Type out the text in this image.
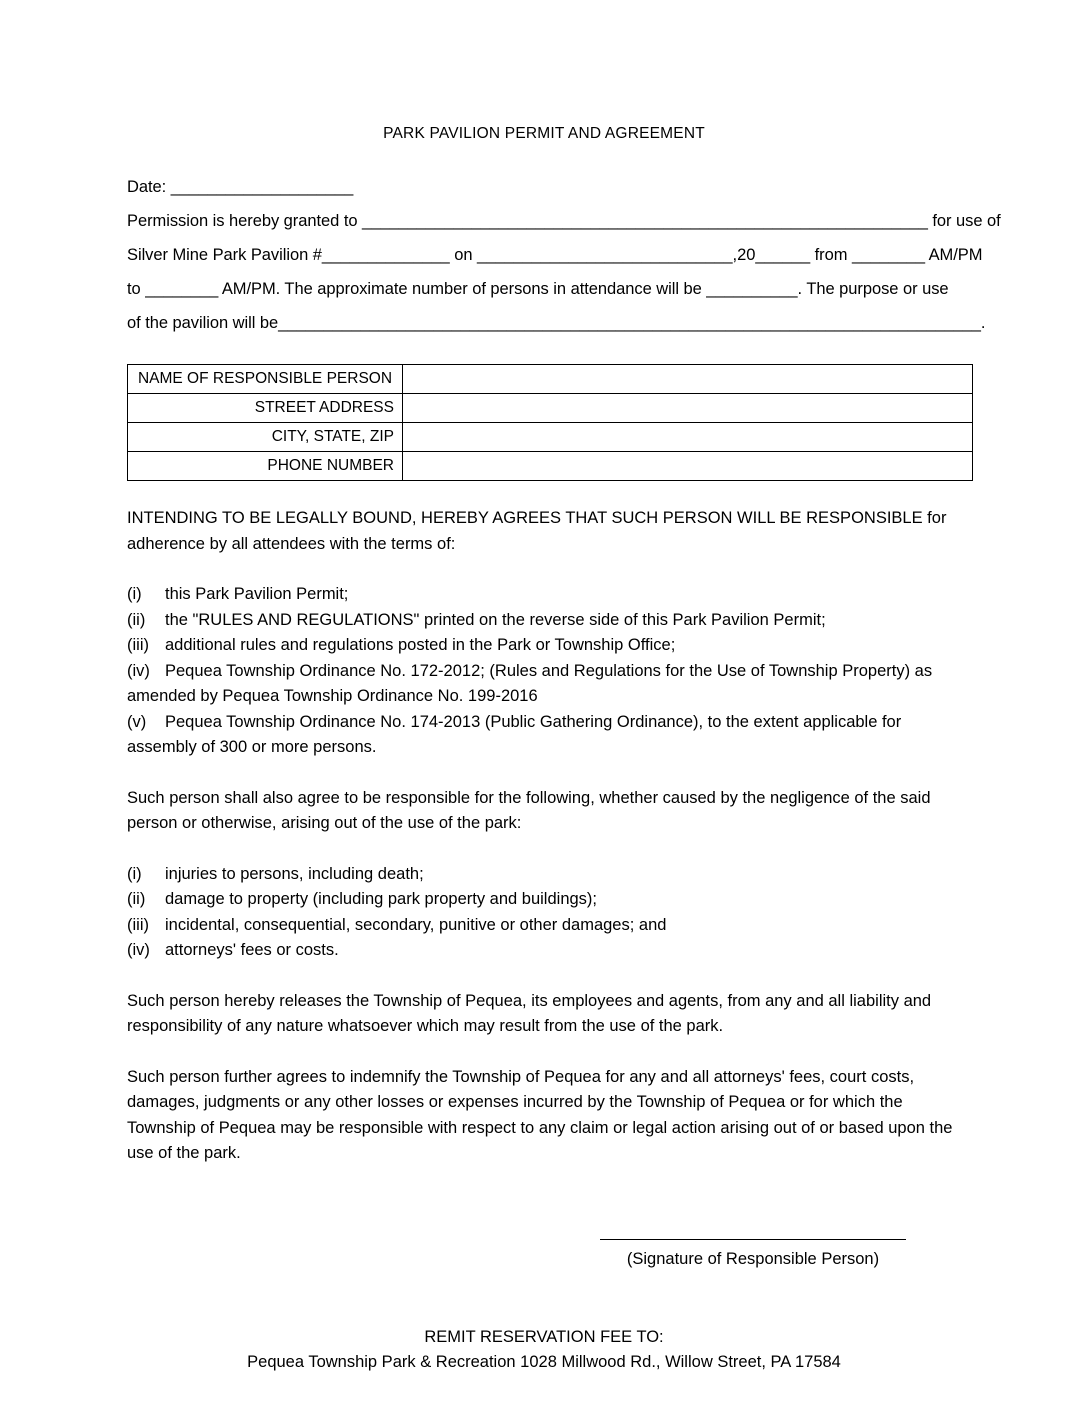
PARK PAVILION PERMIT AND AGREEMENT
Date: ____________________
Permission is hereby granted to ______________________________________________________________ for use of
Silver Mine Park Pavilion #______________ on ____________________________,20______ from ________ AM/PM
to ________ AM/PM. The approximate number of persons in attendance will be __________. The purpose or use
of the pavilion will be_____________________________________________________________________________.
NAME OF RESPONSIBLE PERSON	
STREET ADDRESS	
CITY, STATE, ZIP	
PHONE NUMBER	

INTENDING TO BE LEGALLY BOUND, HEREBY AGREES THAT SUCH PERSON WILL BE RESPONSIBLE for adherence by all attendees with the terms of:

(i) this Park Pavilion Permit;
(ii) the "RULES AND REGULATIONS" printed on the reverse side of this Park Pavilion Permit;
(iii) additional rules and regulations posted in the Park or Township Office;
(iv) Pequea Township Ordinance No. 172-2012; (Rules and Regulations for the Use of Township Property) as amended by Pequea Township Ordinance No. 199-2016
(v) Pequea Township Ordinance No. 174-2013 (Public Gathering Ordinance), to the extent applicable for assembly of 300 or more persons.

Such person shall also agree to be responsible for the following, whether caused by the negligence of the said person or otherwise, arising out of the use of the park:

(i) injuries to persons, including death;
(ii) damage to property (including park property and buildings);
(iii) incidental, consequential, secondary, punitive or other damages; and
(iv) attorneys' fees or costs.

Such person hereby releases the Township of Pequea, its employees and agents, from any and all liability and responsibility of any nature whatsoever which may result from the use of the park.

Such person further agrees to indemnify the Township of Pequea for any and all attorneys' fees, court costs, damages, judgments or any other losses or expenses incurred by the Township of Pequea or for which the Township of Pequea may be responsible with respect to any claim or legal action arising out of or based upon the use of the park.

(Signature of Responsible Person)
REMIT RESERVATION FEE TO:
Pequea Township Park & Recreation 1028 Millwood Rd., Willow Street, PA 17584
